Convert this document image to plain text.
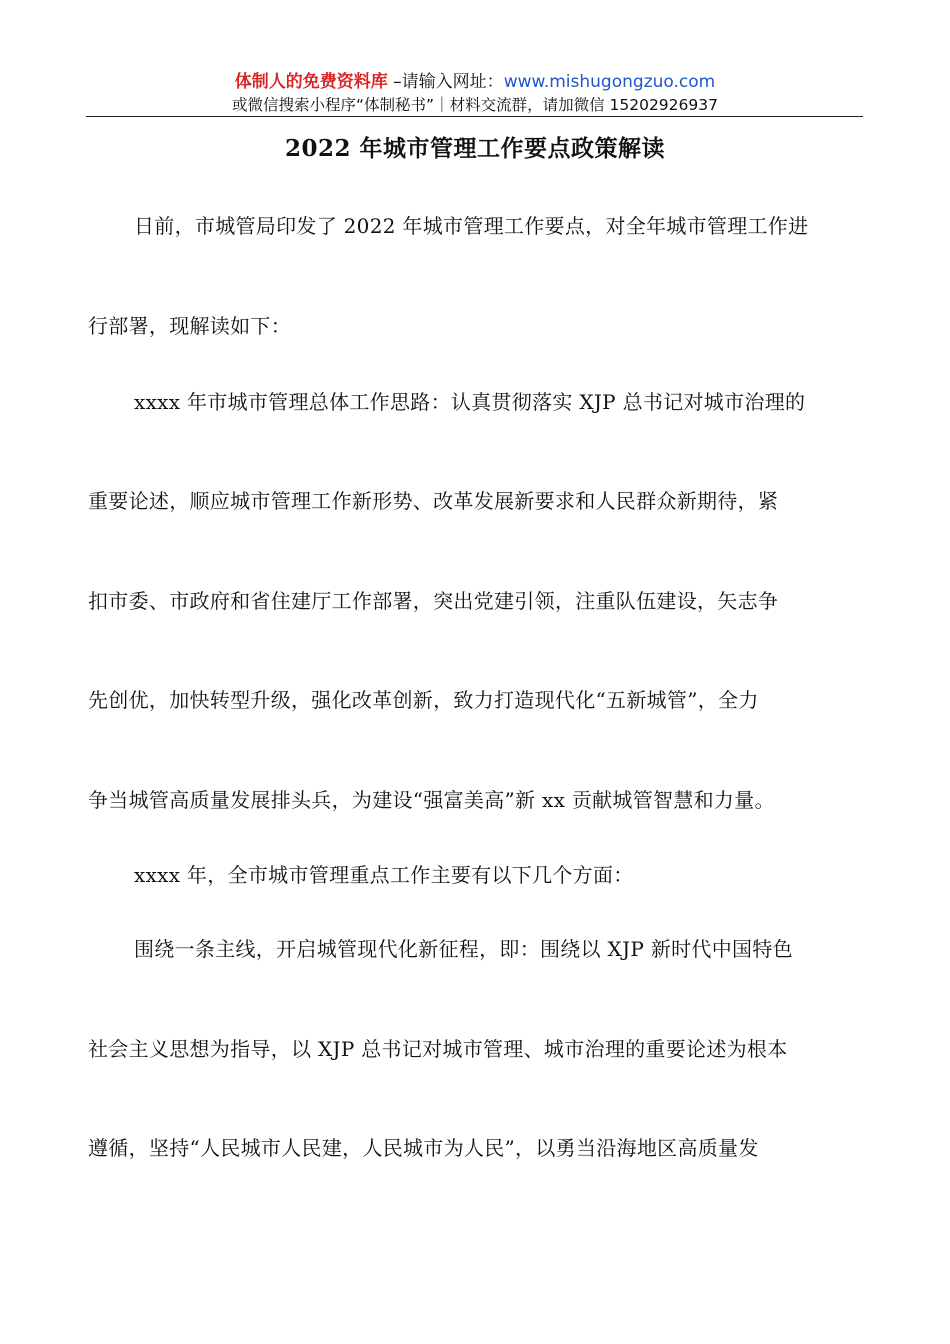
体制人的免费资料库 –请输入网址：www.mishugongzuo.com
或微信搜索小程序“体制秘书”｜材料交流群，请加微信 15202926937
2022 年城市管理工作要点政策解读
日前，市城管局印发了 2022 年城市管理工作要点，对全年城市管理工作进
行部署，现解读如下：
xxxx 年市城市管理总体工作思路：认真贯彻落实 XJP 总书记对城市治理的
重要论述，顺应城市管理工作新形势、改革发展新要求和人民群众新期待，紧
扣市委、市政府和省住建厅工作部署，突出党建引领，注重队伍建设，矢志争
先创优，加快转型升级，强化改革创新，致力打造现代化“五新城管”，全力
争当城管高质量发展排头兵，为建设“强富美高”新 xx 贡献城管智慧和力量。
xxxx 年，全市城市管理重点工作主要有以下几个方面：
围绕一条主线，开启城管现代化新征程，即：围绕以 XJP 新时代中国特色
社会主义思想为指导，以 XJP 总书记对城市管理、城市治理的重要论述为根本
遵循，坚持“人民城市人民建，人民城市为人民”，以勇当沿海地区高质量发
